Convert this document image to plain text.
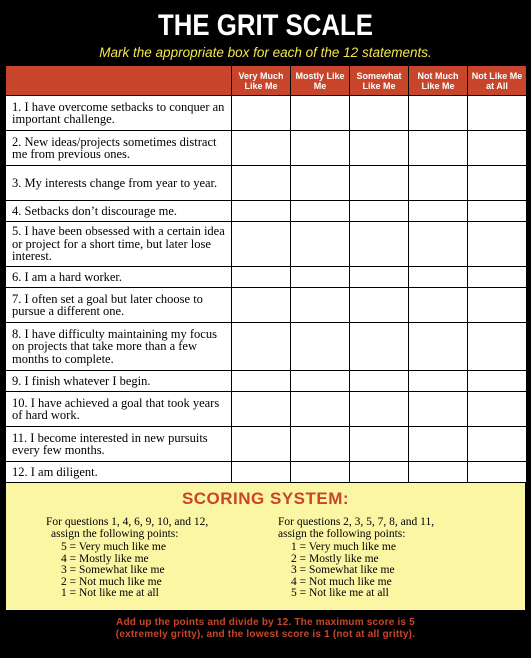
THE GRIT SCALE
Mark the appropriate box for each of the 12 statements.
	Very Much Like Me	Mostly Like Me	Somewhat Like Me	Not Much Like Me	Not Like Me at All
1. I have overcome setbacks to conquer an important challenge.					
2. New ideas/projects sometimes distract me from previous ones.					
3. My interests change from year to year.					
4. Setbacks don’t discourage me.					
5. I have been obsessed with a certain idea or project for a short time, but later lose interest.					
6. I am a hard worker.					
7. I often set a goal but later choose to pursue a different one.					
8. I have difficulty maintaining my focus on projects that take more than a few months to complete.					
9. I finish whatever I begin.					
10. I have achieved a goal that took years of hard work.					
11. I become interested in new pursuits every few months.					
12. I am diligent.					
SCORING SYSTEM:
For questions 1, 4, 6, 9, 10, and 12,
assign the following points:
5 = Very much like me
4 = Mostly like me
3 = Somewhat like me
2 = Not much like me
1 = Not like me at all
For questions 2, 3, 5, 7, 8, and 11,
assign the following points:
1 = Very much like me
2 = Mostly like me
3 = Somewhat like me
4 = Not much like me
5 = Not like me at all
Add up the points and divide by 12. The maximum score is 5
(extremely gritty), and the lowest score is 1 (not at all gritty).
